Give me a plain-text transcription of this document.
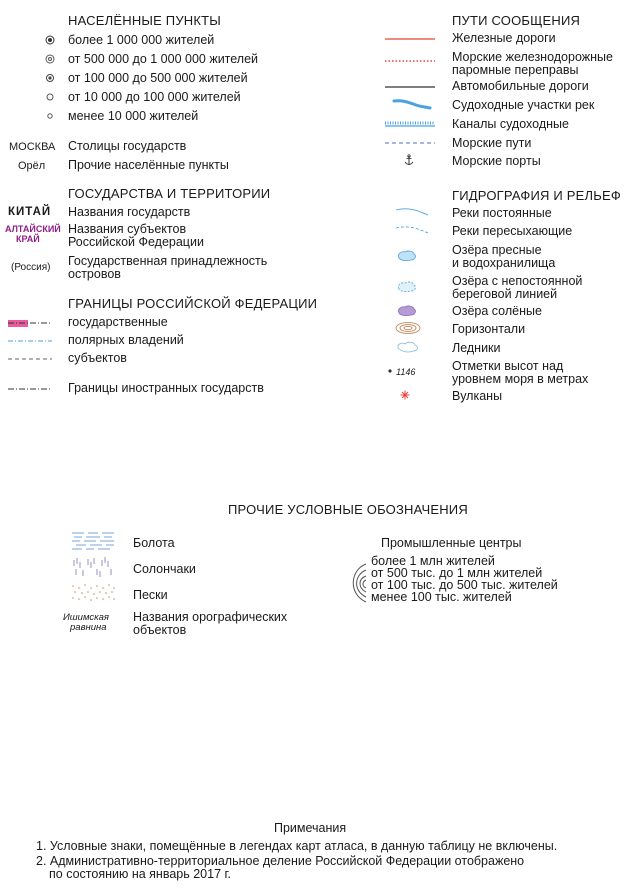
НАСЕЛЁННЫЕ ПУНКТЫ
более 1 000 000 жителей
от 500 000 до 1 000 000 жителей
от 100 000 до 500 000 жителей
от 10 000 до 100 000 жителей
менее 10 000 жителей
МОСКВА Столицы государств
Орёл Прочие населённые пункты
ГОСУДАРСТВА И ТЕРРИТОРИИ
КИТАЙ Названия государств
АЛТАЙСКИЙ
КРАЙ
Названия субъектов
Российской Федерации
(Россия) Государственная принадлежность
островов
ГРАНИЦЫ РОССИЙСКОЙ ФЕДЕРАЦИИ
государственные
полярных владений
субъектов
Границы иностранных государств
ПУТИ СООБЩЕНИЯ
Железные дороги
Морские железнодорожные
паромные переправы
Автомобильные дороги
Судоходные участки рек
Каналы судоходные
Морские пути
Морские порты
ГИДРОГРАФИЯ И РЕЛЬЕФ
Реки постоянные
Реки пересыхающие
Озёра пресные
и водохранилища
Озёра с непостоянной
береговой линией
Озёра солёные
Горизонтали
Ледники
1146	Отметки высот над
уровнем моря в метрах
Вулканы
ПРОЧИЕ УСЛОВНЫЕ ОБОЗНАЧЕНИЯ
Болота
Солончаки
Пески
Ишимская
равнина
Названия орографических
объектов
Промышленные центры
более 1 млн жителей
от 500 тыс. до 1 млн жителей
от 100 тыс. до 500 тыс. жителей
менее 100 тыс. жителей
Примечания
1. Условные знаки, помещённые в легендах карт атласа, в данную таблицу не включены.
2. Административно-территориальное деление Российской Федерации отображено
по состоянию на январь 2017 г.
